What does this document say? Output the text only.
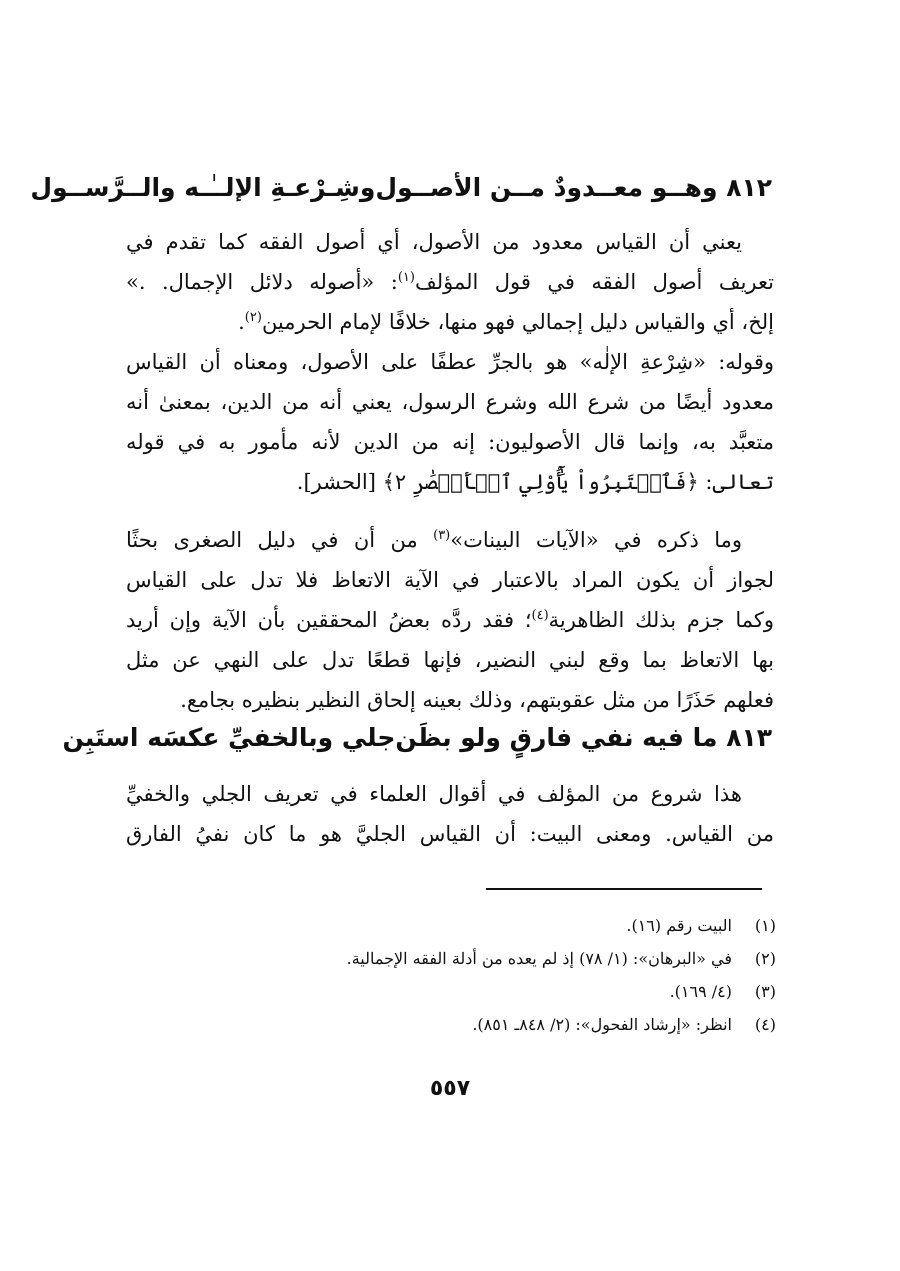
٨١٢ وهــو معــدودٌ مــن الأصــول
وشِـرْعـةِ الإلــٰـه والــرَّســول
يعني أن القياس معدود من الأصول، أي أصول الفقه كما تقدم في
تعريف أصول الفقه في قول المؤلف$^{(١)}$: «أصوله دلائل الإجمال. .»
إلخ، أي والقياس دليل إجمالي فهو منها، خلافًا لإمام الحرمين$^{(٢)}$.
وقوله: «شِرْعةِ الإلٰه» هو بالجرِّ عطفًا على الأصول، ومعناه أن القياس
معدود أيضًا من شرع الله وشرع الرسول، يعني أنه من الدين، بمعنىٰ أنه
متعبَّد به، وإنما قال الأصوليون: إنه من الدين لأنه مأمور به في قوله
تعالى: ﴿فَٱعۡتَبِرُواْ يَٰٓأُوْلِي ٱلۡأَبۡصَٰرِ ٢﴾ [الحشر].
وما ذكره في «الآيات البينات»$^{(٣)}$ من أن في دليل الصغرى بحثًا
لجواز أن يكون المراد بالاعتبار في الآية الاتعاظ فلا تدل على القياس
وكما جزم بذلك الظاهرية$^{(٤)}$؛ فقد ردَّه بعضُ المحققين بأن الآية وإن أريد
بها الاتعاظ بما وقع لبني النضير، فإنها قطعًا تدل على النهي عن مثل
فعلهم حَذَرًا من مثل عقوبتهم، وذلك بعينه إلحاق النظير بنظيره بجامع.
٨١٣ ما فيه نفي فارقٍ ولو بظَن
جلي وبالخفيِّ عكسَه استَبِن
هذا شروع من المؤلف في أقوال العلماء في تعريف الجلي والخفيِّ
من القياس. ومعنى البيت: أن القياس الجليَّ هو ما كان نفيُ الفارق
(١)
البيت رقم (١٦).
(٢)
في «البرهان»: (١/ ٧٨) إذ لم يعده من أدلة الفقه الإجمالية.
(٣)
(٤/ ١٦٩).
(٤)
انظر: «إرشاد الفحول»: (٢/ ٨٤٨ـ ٨٥١).
٥٥٧
